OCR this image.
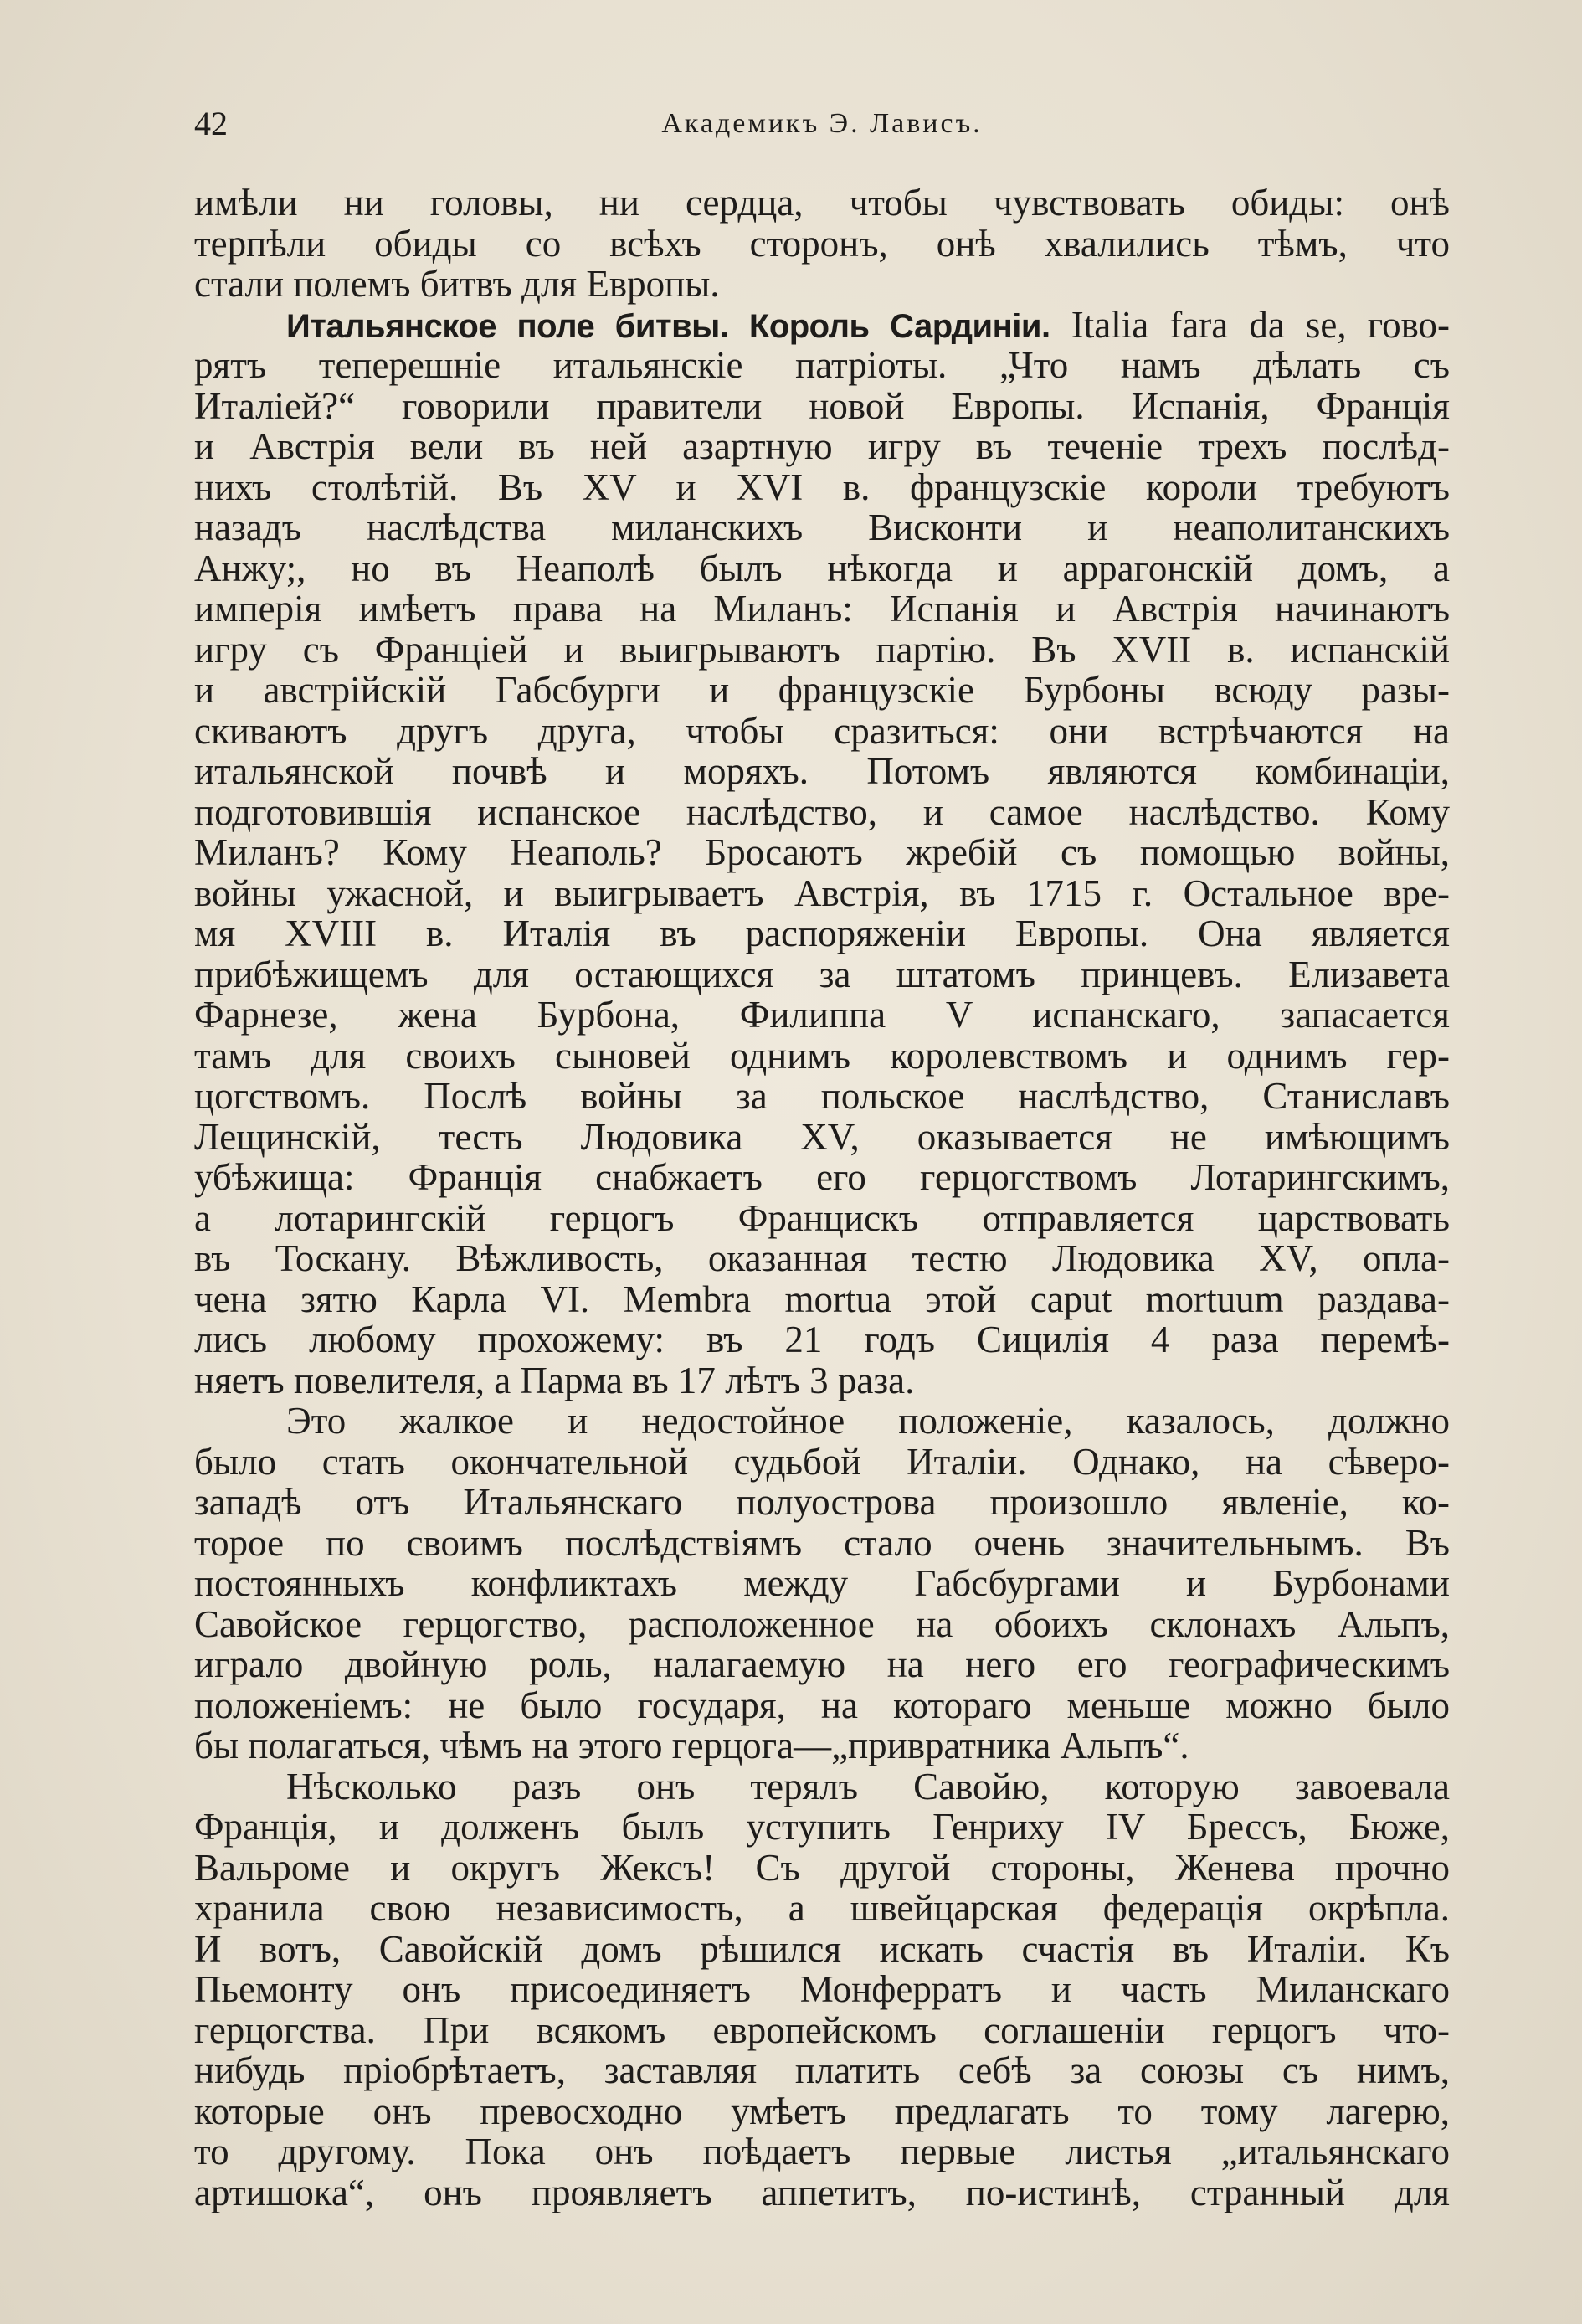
42	Академикъ Э. Лависъ.
имѣли ни головы, ни сердца, чтобы чувствовать обиды: онѣ
терпѣли обиды со всѣхъ сторонъ, онѣ хвалились тѣмъ, что
стали полемъ битвъ для Европы.
Итальянское поле битвы. Король Сардиніи. Italia fara da se, гово-
рятъ теперешніе итальянскіе патріоты. „Что намъ дѣлать съ
Италіей?“ говорили правители новой Европы. Испанія, Франція
и Австрія вели въ ней азартную игру въ теченіе трехъ послѣд-
нихъ столѣтій. Въ XV и XVI в. французскіе короли требуютъ
назадъ наслѣдства миланскихъ Висконти и неаполитанскихъ
Анжу;, но въ Неаполѣ былъ нѣкогда и аррагонскій домъ, а
имперія имѣетъ права на Миланъ: Испанія и Австрія начинаютъ
игру съ Франціей и выигрываютъ партію. Въ XVII в. испанскій
и австрійскій Габсбурги и французскіе Бурбоны всюду разы-
скиваютъ другъ друга, чтобы сразиться: они встрѣчаются на
итальянской почвѣ и моряхъ. Потомъ являются комбинаціи,
подготовившія испанское наслѣдство, и самое наслѣдство. Кому
Миланъ? Кому Неаполь? Бросаютъ жребій съ помощью войны,
войны ужасной, и выигрываетъ Австрія, въ 1715 г. Остальное вре-
мя XVIII в. Италія въ распоряженіи Европы. Она является
прибѣжищемъ для остающихся за штатомъ принцевъ. Елизавета
Фарнезе, жена Бурбона, Филиппа V испанскаго, запасается
тамъ для своихъ сыновей однимъ королевствомъ и однимъ гер-
цогствомъ. Послѣ войны за польское наслѣдство, Станиславъ
Лещинскій, тесть Людовика XV, оказывается не имѣющимъ
убѣжища: Франція снабжаетъ его герцогствомъ Лотарингскимъ,
а лотарингскій герцогъ Францискъ отправляется царствовать
въ Тоскану. Вѣжливость, оказанная тестю Людовика XV, опла-
чена зятю Карла VI. Membra mortua этой caput mortuum раздава-
лись любому прохожему: въ 21 годъ Сицилія 4 раза перемѣ-
няетъ повелителя, а Парма въ 17 лѣтъ 3 раза.
Это жалкое и недостойное положеніе, казалось, должно
было стать окончательной судьбой Италіи. Однако, на сѣверо-
западѣ отъ Итальянскаго полуострова произошло явленіе, ко-
торое по своимъ послѣдствіямъ стало очень значительнымъ. Въ
постоянныхъ конфликтахъ между Габсбургами и Бурбонами
Савойское герцогство, расположенное на обоихъ склонахъ Альпъ,
играло двойную роль, налагаемую на него его географическимъ
положеніемъ: не было государя, на котораго меньше можно было
бы полагаться, чѣмъ на этого герцога—„привратника Альпъ“.
Нѣсколько разъ онъ терялъ Савойю, которую завоевала
Франція, и долженъ былъ уступить Генриху IV Брессъ, Бюже,
Вальроме и округъ Жексъ! Съ другой стороны, Женева прочно
хранила свою независимость, а швейцарская федерація окрѣпла.
И вотъ, Савойскій домъ рѣшился искать счастія въ Италіи. Къ
Пьемонту онъ присоединяетъ Монферратъ и часть Миланскаго
герцогства. При всякомъ европейскомъ соглашеніи герцогъ что-
нибудь пріобрѣтаетъ, заставляя платить себѣ за союзы съ нимъ,
которые онъ превосходно умѣетъ предлагать то тому лагерю,
то другому. Пока онъ поѣдаетъ первые листья „итальянскаго
артишока“, онъ проявляетъ аппетитъ, по-истинѣ, странный для
